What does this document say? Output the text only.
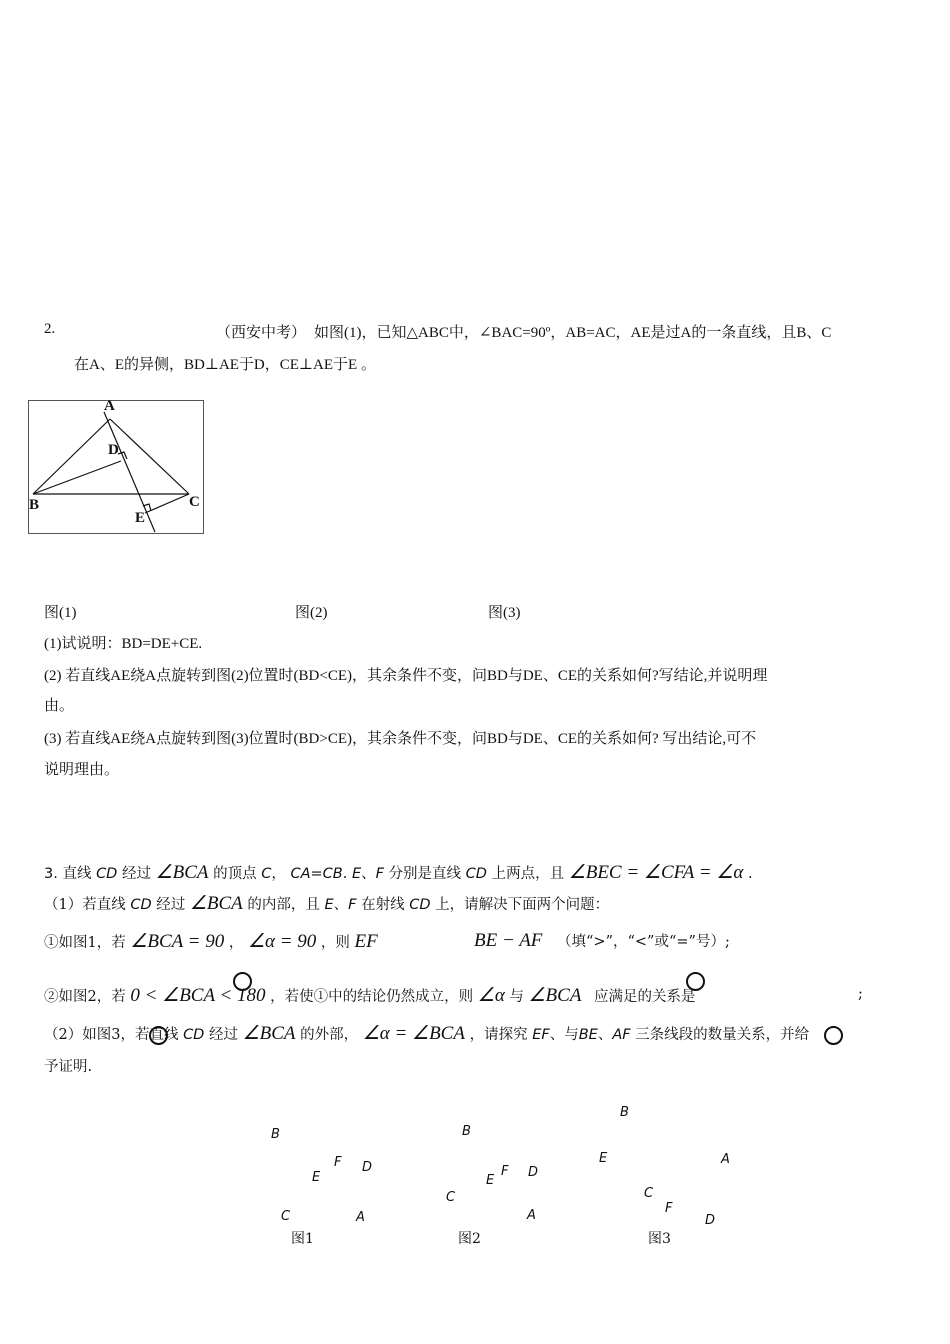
2.	（西安中考） 如图(1)，已知△ABC中，∠BAC=90º，AB=AC，AE是过A的一条直线，且B、C
在A、E的异侧，BD⊥AE于D，CE⊥AE于E 。
A
D
B	C
E
图(1)	图(2)	图(3)
(1)试说明：BD=DE+CE.
(2) 若直线AE绕A点旋转到图(2)位置时(BD<CE)，其余条件不变，问BD与DE、CE的关系如何?写结论,并说明理
由。
(3) 若直线AE绕A点旋转到图(3)位置时(BD>CE)，其余条件不变，问BD与DE、CE的关系如何? 写出结论,可不
说明理由。
3. 直线 CD 经过 ∠BCA 的顶点 C， CA=CB. E、F 分别是直线 CD 上两点，且 ∠BEC = ∠CFA = ∠α .
（1）若直线 CD 经过 ∠BCA 的内部，且 E、F 在射线 CD 上，请解决下面两个问题：
①如图1，若 ∠BCA = 90 ， ∠α = 90 ，则 EF	BE − AF （填“>”，“<”或“=”号）;
②如图2，若 0 < ∠BCA < 180 ，若使①中的结论仍然成立，则 ∠α 与 ∠BCA 应满足的关系是	;
（2）如图3，若直线 CD 经过 ∠BCA 的外部， ∠α = ∠BCA ，请探究 EF、与BE、AF 三条线段的数量关系，并给
予证明.
B
F
E
D
C	A
图1
B
E
F D
C
A
图2
B
E	A
C
F
D
图3
